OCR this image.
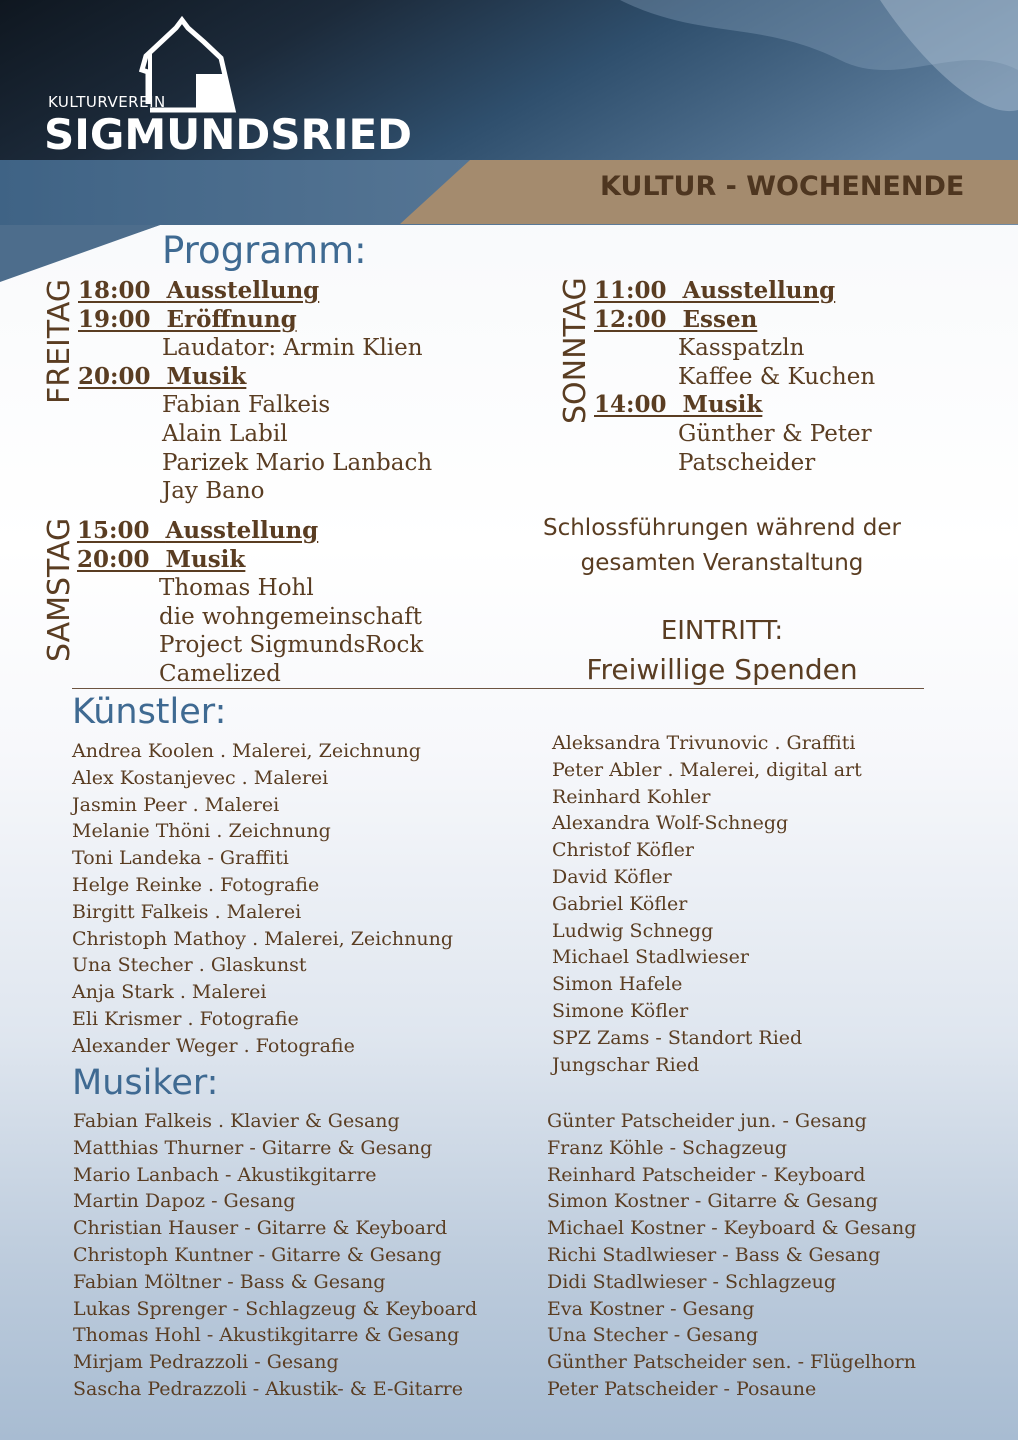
KULTURVEREIN
SIGMUNDSRIED
KULTUR - WOCHENENDE
Programm:
FREITAG
SAMSTAG
SONNTAG
18:00  Ausstellung
19:00  Eröffnung
Laudator: Armin Klien
20:00  Musik
Fabian Falkeis
Alain Labil
Parizek Mario Lanbach
Jay Bano
15:00  Ausstellung
20:00  Musik
Thomas Hohl
die wohngemeinschaft
Project SigmundsRock
Camelized
11:00  Ausstellung
12:00  Essen
Kasspatzln
Kaffee & Kuchen
14:00  Musik
Günther & Peter
Patscheider
Schlossführungen während der
gesamten Veranstaltung
EINTRITT:
Freiwillige Spenden
Künstler:
Andrea Koolen . Malerei, Zeichnung
Alex Kostanjevec . Malerei
Jasmin Peer . Malerei
Melanie Thöni . Zeichnung
Toni Landeka - Graffiti
Helge Reinke . Fotografie
Birgitt Falkeis . Malerei
Christoph Mathoy . Malerei, Zeichnung
Una Stecher . Glaskunst
Anja Stark . Malerei
Eli Krismer . Fotografie
Alexander Weger . Fotografie
Aleksandra Trivunovic . Graffiti
Peter Abler . Malerei, digital art
Reinhard Kohler
Alexandra Wolf-Schnegg
Christof Köfler
David Köfler
Gabriel Köfler
Ludwig Schnegg
Michael Stadlwieser
Simon Hafele
Simone Köfler
SPZ Zams - Standort Ried
Jungschar Ried
Musiker:
Fabian Falkeis . Klavier & Gesang
Matthias Thurner - Gitarre & Gesang
Mario Lanbach - Akustikgitarre
Martin Dapoz - Gesang
Christian Hauser - Gitarre & Keyboard
Christoph Kuntner - Gitarre & Gesang
Fabian Möltner - Bass & Gesang
Lukas Sprenger - Schlagzeug & Keyboard
Thomas Hohl - Akustikgitarre & Gesang
Mirjam Pedrazzoli - Gesang
Sascha Pedrazzoli - Akustik- & E-Gitarre
Günter Patscheider jun. - Gesang
Franz Köhle - Schagzeug
Reinhard Patscheider - Keyboard
Simon Kostner - Gitarre & Gesang
Michael Kostner - Keyboard & Gesang
Richi Stadlwieser - Bass & Gesang
Didi Stadlwieser - Schlagzeug
Eva Kostner - Gesang
Una Stecher - Gesang
Günther Patscheider sen. - Flügelhorn
Peter Patscheider - Posaune
